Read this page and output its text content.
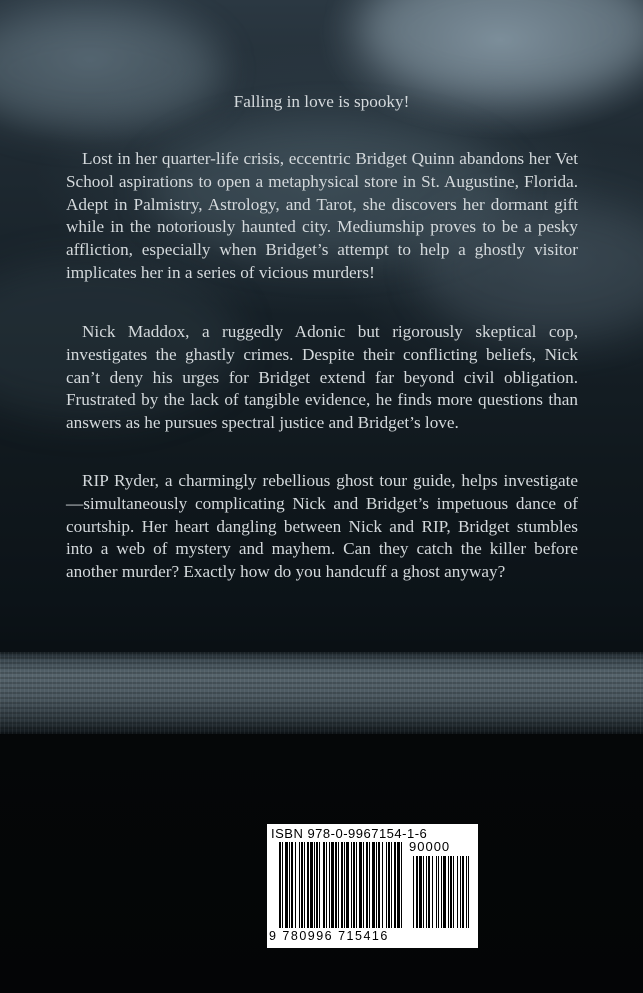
Falling in love is spooky!

Lost in her quarter-life crisis, eccentric Bridget Quinn abandons her Vet School aspirations to open a metaphysical store in St. Augustine, Florida. Adept in Palmistry, Astrology, and Tarot, she discovers her dormant gift while in the notoriously haunted city. Mediumship proves to be a pesky affliction, especially when Bridget’s attempt to help a ghostly visitor implicates her in a series of vicious murders!

Nick Maddox, a ruggedly Adonic but rigorously skeptical cop, investigates the ghastly crimes. Despite their conflicting beliefs, Nick can’t deny his urges for Bridget extend far beyond civil obligation. Frustrated by the lack of tangible evidence, he finds more questions than answers as he pursues spectral justice and Bridget’s love.

RIP Ryder, a charmingly rebellious ghost tour guide, helps investigate—simultaneously complicating Nick and Bridget’s impetuous dance of courtship. Her heart dangling between Nick and RIP, Bridget stumbles into a web of mystery and mayhem. Can they catch the killer before another murder? Exactly how do you handcuff a ghost anyway?

ISBN 978-0-9967154-1-6
90000
9 780996 715416
